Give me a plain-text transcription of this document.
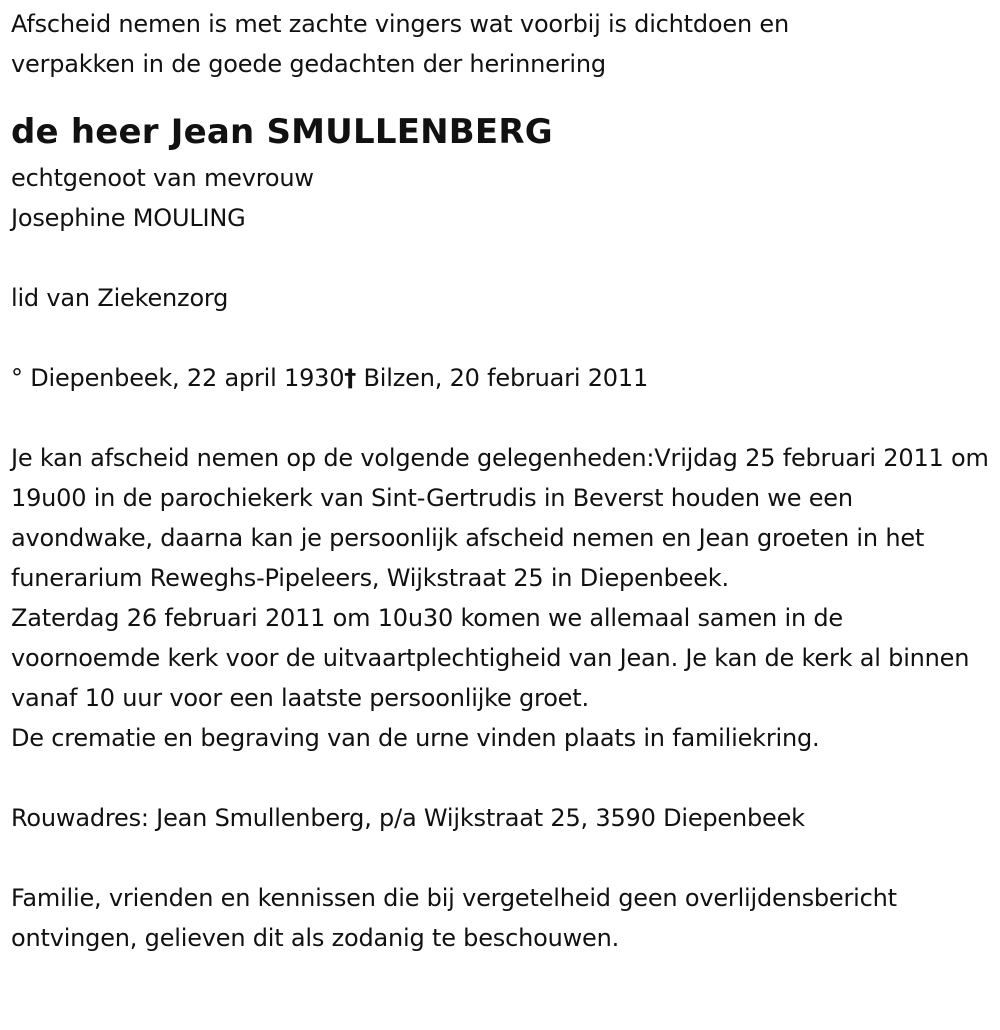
Afscheid nemen is met zachte vingers wat voorbij is dichtdoen en
verpakken in de goede gedachten der herinnering
de heer Jean SMULLENBERG
echtgenoot van mevrouw
Josephine MOULING
lid van Ziekenzorg
° Diepenbeek, 22 april 1930† Bilzen, 20 februari 2011
Je kan afscheid nemen op de volgende gelegenheden:Vrijdag 25 februari 2011 om 19u00 in de parochiekerk van Sint-Gertrudis in Beverst houden we een avondwake, daarna kan je persoonlijk afscheid nemen en Jean groeten in het funerarium Reweghs-Pipeleers, Wijkstraat 25 in Diepenbeek.
Zaterdag 26 februari 2011 om 10u30 komen we allemaal samen in de voornoemde kerk voor de uitvaartplechtigheid van Jean. Je kan de kerk al binnen vanaf 10 uur voor een laatste persoonlijke groet.
De crematie en begraving van de urne vinden plaats in familiekring.
Rouwadres: Jean Smullenberg, p/a Wijkstraat 25, 3590 Diepenbeek
Familie, vrienden en kennissen die bij vergetelheid geen overlijdensbericht ontvingen, gelieven dit als zodanig te beschouwen.
